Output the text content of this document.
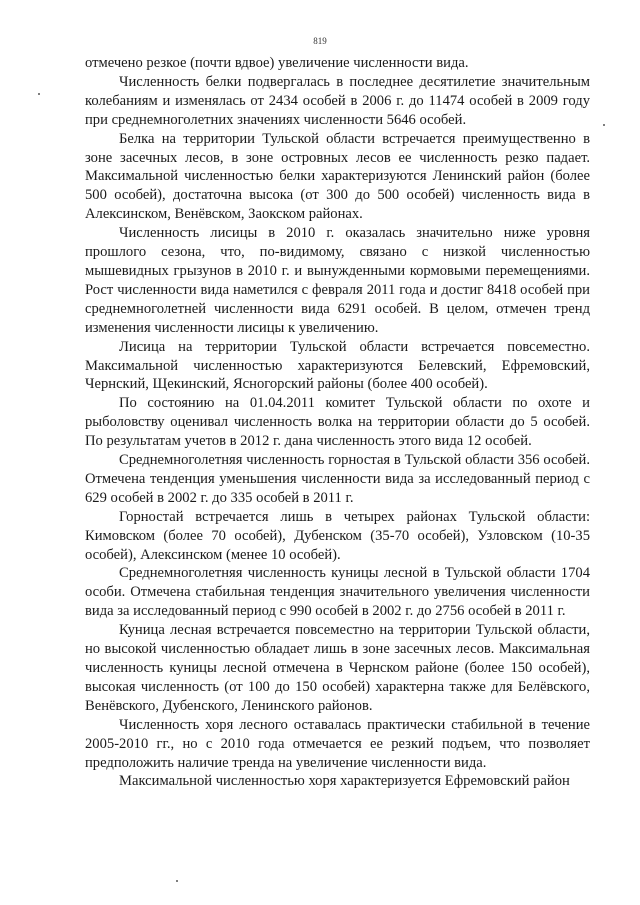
819

отмечено резкое (почти вдвое) увеличение численности вида.

Численность белки подвергалась в последнее десятилетие значительным колебаниям и изменялась от 2434 особей в 2006 г. до 11474 особей в 2009 году при среднемноголетних значениях численности 5646 особей.

Белка на территории Тульской области встречается преимущественно в зоне засечных лесов, в зоне островных лесов ее численность резко падает. Максимальной численностью белки характеризуются Ленинский район (более 500 особей), достаточна высока (от 300 до 500 особей) численность вида в Алексинском, Венёвском, Заокском районах.

Численность лисицы в 2010 г. оказалась значительно ниже уровня прошлого сезона, что, по-видимому, связано с низкой численностью мышевидных грызунов в 2010 г. и вынужденными кормовыми перемещениями. Рост численности вида наметился с февраля 2011 года и достиг 8418 особей при среднемноголетней численности вида 6291 особей. В целом, отмечен тренд изменения численности лисицы к увеличению.

Лисица на территории Тульской области встречается повсеместно. Максимальной численностью характеризуются Белевский, Ефремовский, Чернский, Щекинский, Ясногорский районы (более 400 особей).

По состоянию на 01.04.2011 комитет Тульской области по охоте и рыболовству оценивал численность волка на территории области до 5 особей. По результатам учетов в 2012 г. дана численность этого вида 12 особей.

Среднемноголетняя численность горностая в Тульской области 356 особей. Отмечена тенденция уменьшения численности вида за исследованный период с 629 особей в 2002 г. до 335 особей в 2011 г.

Горностай встречается лишь в четырех районах Тульской области: Кимовском (более 70 особей), Дубенском (35-70 особей), Узловском (10-35 особей), Алексинском (менее 10 особей).

Среднемноголетняя численность куницы лесной в Тульской области 1704 особи. Отмечена стабильная тенденция значительного увеличения численности вида за исследованный период с 990 особей в 2002 г. до 2756 особей в 2011 г.

Куница лесная встречается повсеместно на территории Тульской области, но высокой численностью обладает лишь в зоне засечных лесов. Максимальная численность куницы лесной отмечена в Чернском районе (более 150 особей), высокая численность (от 100 до 150 особей) характерна также для Белёвского, Венёвского, Дубенского, Ленинского районов.

Численность хоря лесного оставалась практически стабильной в течение 2005-2010 гг., но с 2010 года отмечается ее резкий подъем, что позволяет предположить наличие тренда на увеличение численности вида.

Максимальной численностью хоря характеризуется Ефремовский район
